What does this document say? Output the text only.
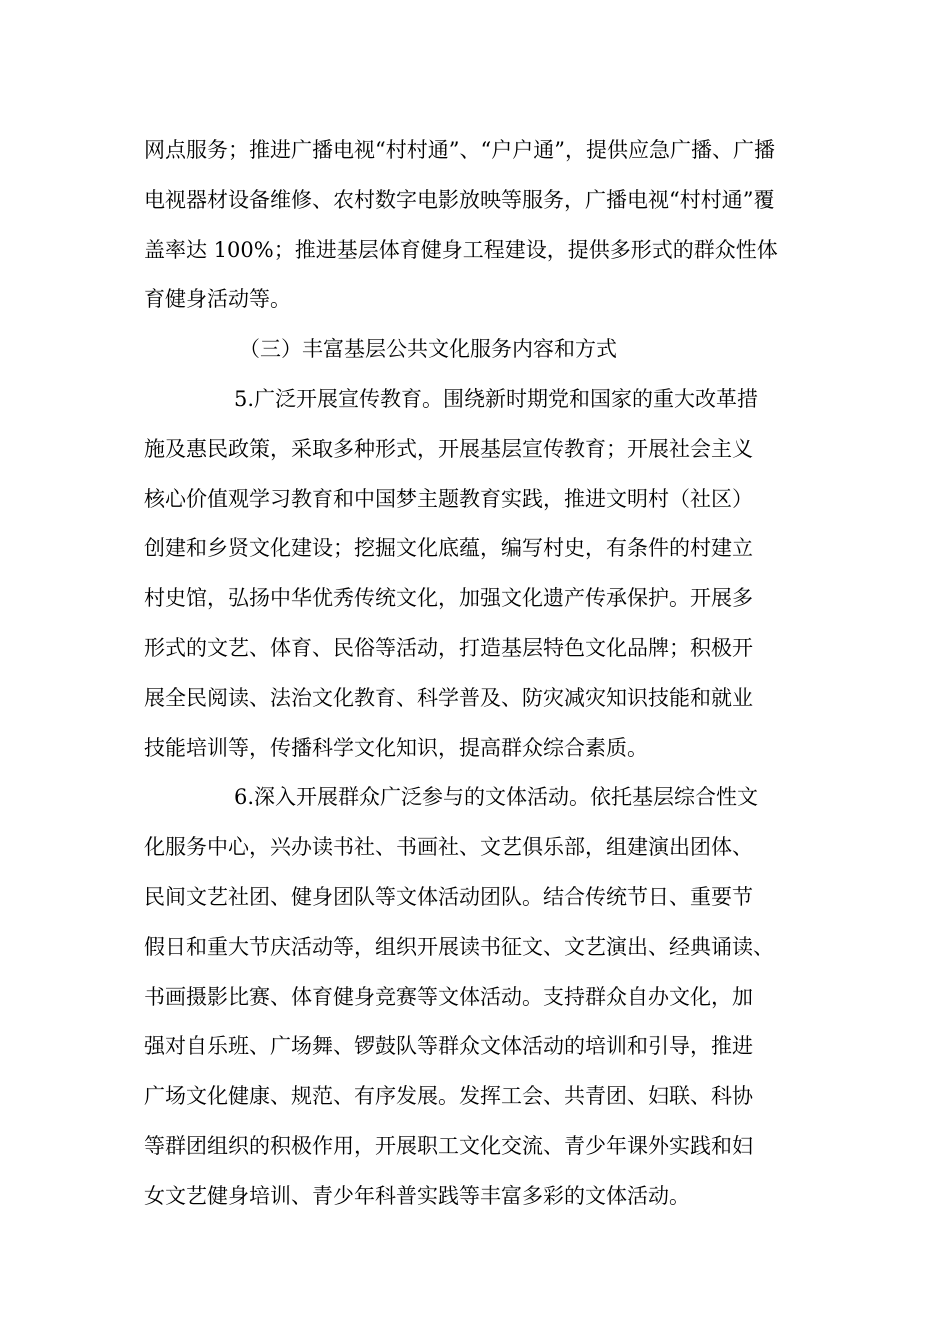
网点服务；推进广播电视“村村通”、“户户通”，提供应急广播、广播
电视器材设备维修、农村数字电影放映等服务，广播电视“村村通”覆
盖率达 100%；推进基层体育健身工程建设，提供多形式的群众性体
育健身活动等。
（三）丰富基层公共文化服务内容和方式
5.广泛开展宣传教育。围绕新时期党和国家的重大改革措
施及惠民政策，采取多种形式，开展基层宣传教育；开展社会主义
核心价值观学习教育和中国梦主题教育实践，推进文明村（社区）
创建和乡贤文化建设；挖掘文化底蕴，编写村史，有条件的村建立
村史馆，弘扬中华优秀传统文化，加强文化遗产传承保护。开展多
形式的文艺、体育、民俗等活动，打造基层特色文化品牌；积极开
展全民阅读、法治文化教育、科学普及、防灾减灾知识技能和就业
技能培训等，传播科学文化知识，提高群众综合素质。
6.深入开展群众广泛参与的文体活动。依托基层综合性文
化服务中心，兴办读书社、书画社、文艺俱乐部，组建演出团体、
民间文艺社团、健身团队等文体活动团队。结合传统节日、重要节
假日和重大节庆活动等，组织开展读书征文、文艺演出、经典诵读、
书画摄影比赛、体育健身竞赛等文体活动。支持群众自办文化，加
强对自乐班、广场舞、锣鼓队等群众文体活动的培训和引导，推进
广场文化健康、规范、有序发展。发挥工会、共青团、妇联、科协
等群团组织的积极作用，开展职工文化交流、青少年课外实践和妇
女文艺健身培训、青少年科普实践等丰富多彩的文体活动。
